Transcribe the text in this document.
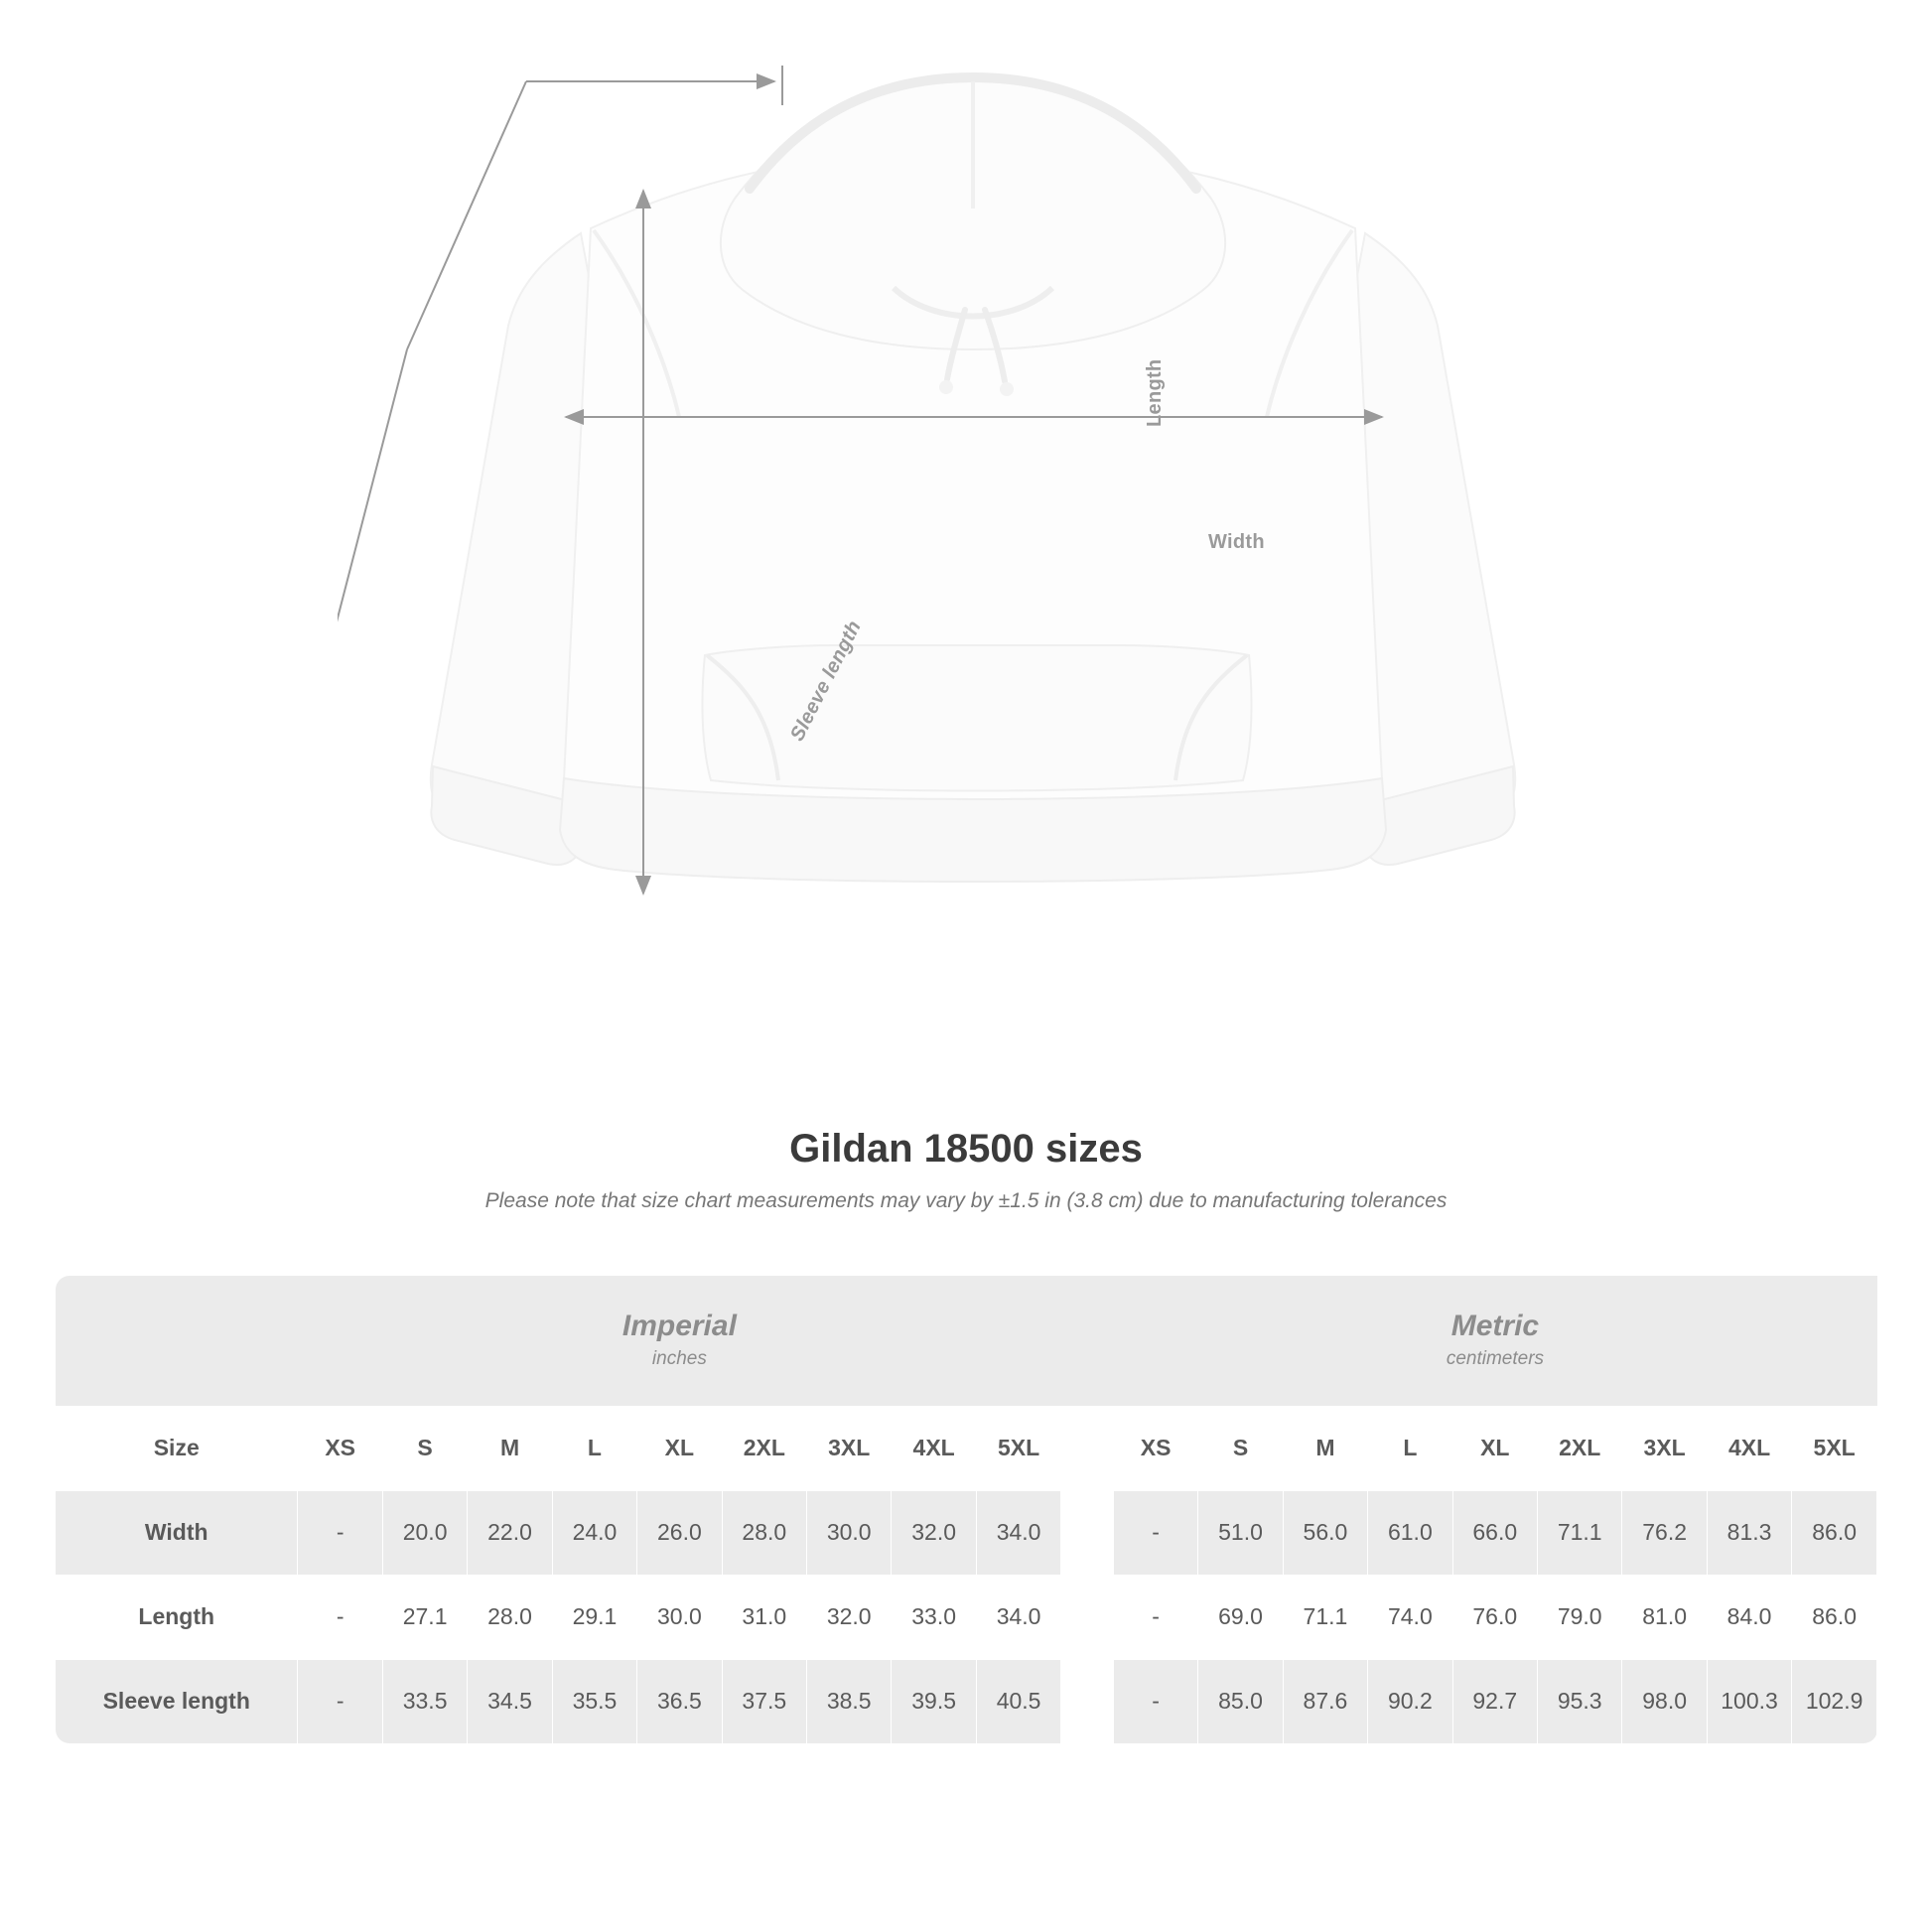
Length
Width
Sleeve length
Gildan 18500 sizes

Please note that size chart measurements may vary by ±1.5 in (3.8 cm) due to manufacturing tolerances

Imperial
inches

Metric
centimeters

Size	XS	S	M	L	XL	2XL	3XL	4XL	5XL		XS	S	M	L	XL	2XL	3XL	4XL	5XL
Width	-	20.0	22.0	24.0	26.0	28.0	30.0	32.0	34.0		-	51.0	56.0	61.0	66.0	71.1	76.2	81.3	86.0
Length	-	27.1	28.0	29.1	30.0	31.0	32.0	33.0	34.0		-	69.0	71.1	74.0	76.0	79.0	81.0	84.0	86.0
Sleeve length	-	33.5	34.5	35.5	36.5	37.5	38.5	39.5	40.5		-	85.0	87.6	90.2	92.7	95.3	98.0	100.3	102.9
